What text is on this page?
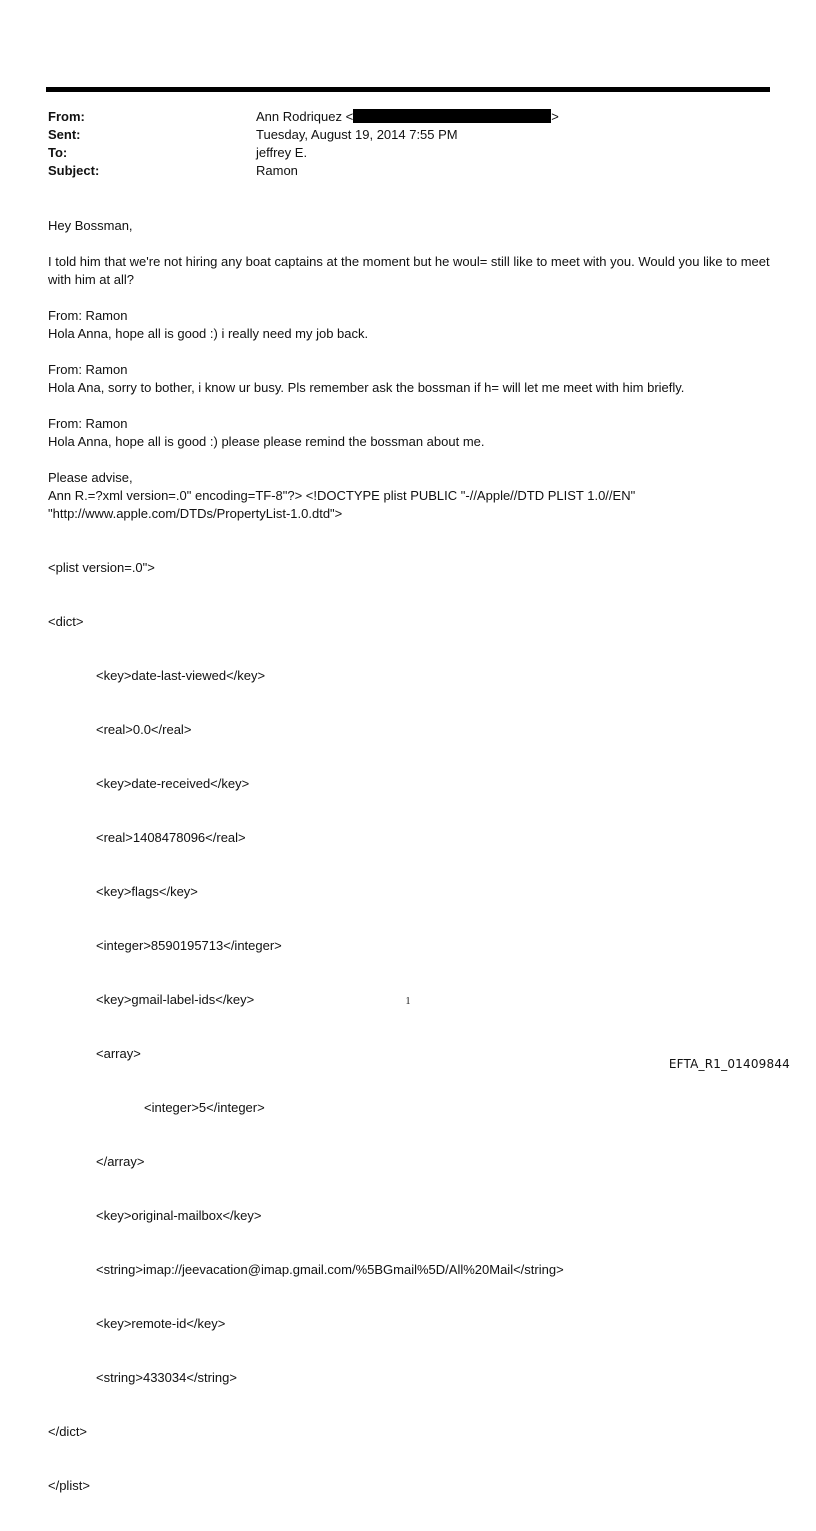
From:	Ann Rodriquez <	>
Sent:	Tuesday, August 19, 2014 7:55 PM
To:	jeffrey E.
Subject:	Ramon

Hey Bossman,

I told him that we're not hiring any boat captains at the moment but he woul= still like to meet with you. Would you like to meet with him at all?

From: Ramon
Hola Anna, hope all is good :) i really need my job back.

From: Ramon
Hola Ana, sorry to bother, i know ur busy. Pls remember ask the bossman if h= will let me meet with him briefly.

From: Ramon
Hola Anna, hope all is good :) please please remind the bossman about me.

Please advise,
Ann R.=?xml version=.0" encoding=TF-8"?> <!DOCTYPE plist PUBLIC "-//Apple//DTD PLIST 1.0//EN"
"http://www.apple.com/DTDs/PropertyList-1.0.dtd">

<plist version=.0">

<dict>

<key>date-last-viewed</key>

<real>0.0</real>

<key>date-received</key>

<real>1408478096</real>

<key>flags</key>

<integer>8590195713</integer>

<key>gmail-label-ids</key>

<array>

<integer>5</integer>

</array>

<key>original-mailbox</key>

<string>imap://jeevacation@imap.gmail.com/%5BGmail%5D/All%20Mail</string>

<key>remote-id</key>

<string>433034</string>

</dict>

</plist>

1
EFTA_R1_01409844
